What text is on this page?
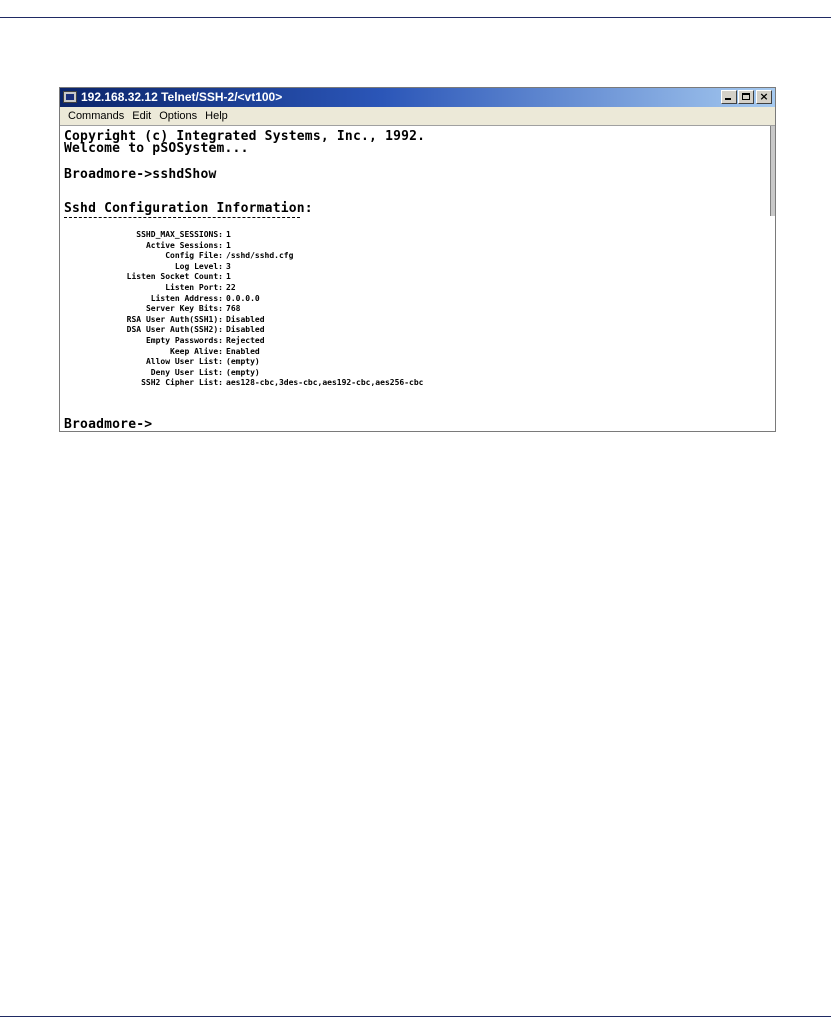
192.168.32.12 Telnet/SSH-2/<vt100>	×
Commands Edit Options Help
Copyright (c) Integrated Systems, Inc., 1992.
Welcome to pSOSystem...
Broadmore->sshdShow
Sshd Configuration Information:
SSHD_MAX_SESSIONS: 1
Active Sessions: 1
Config File: /sshd/sshd.cfg
Log Level: 3
Listen Socket Count: 1
Listen Port: 22
Listen Address: 0.0.0.0
Server Key Bits: 768
RSA User Auth(SSH1): Disabled
DSA User Auth(SSH2): Disabled
Empty Passwords: Rejected
Keep Alive: Enabled
Allow User List: (empty)
Deny User List: (empty)
SSH2 Cipher List: aes128-cbc,3des-cbc,aes192-cbc,aes256-cbc
Broadmore->
